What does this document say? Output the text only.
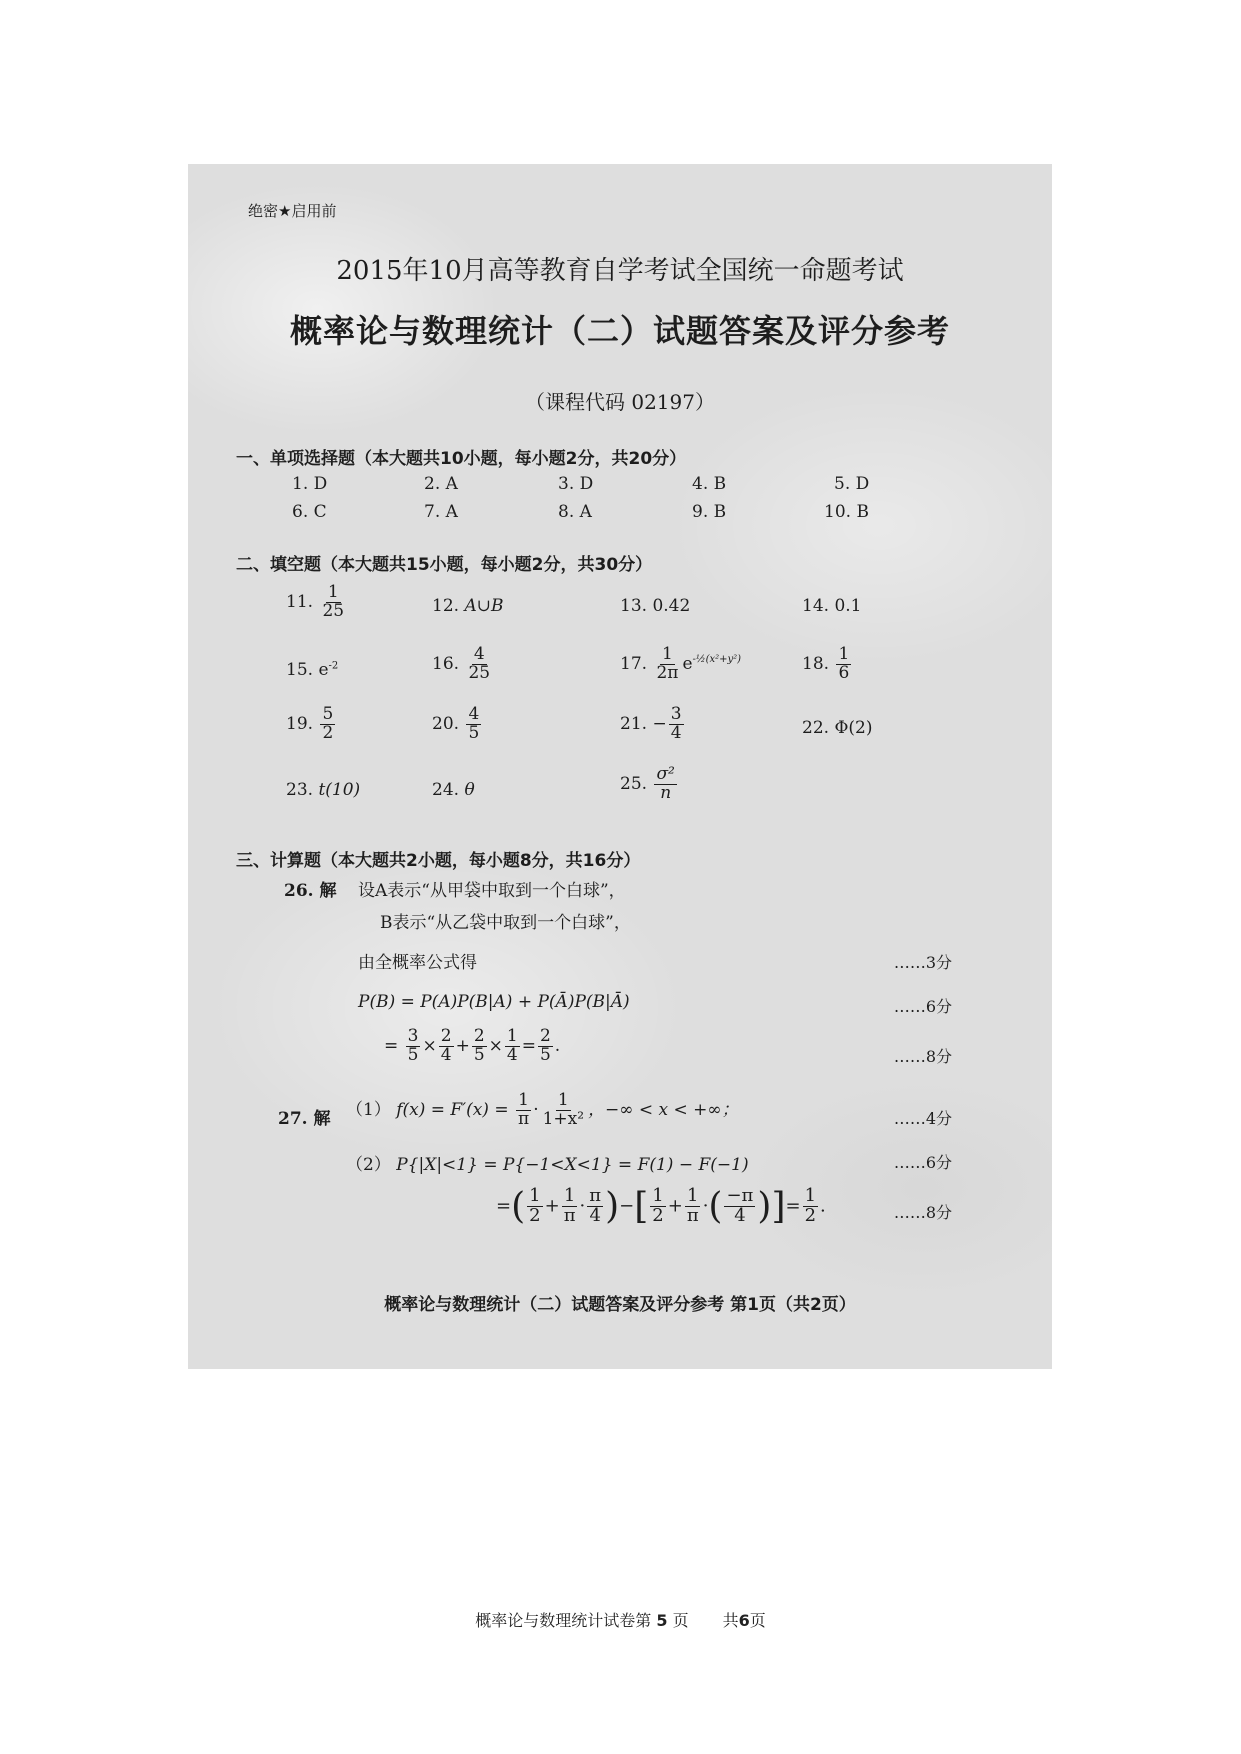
绝密★启用前
2015年10月高等教育自学考试全国统一命题考试
概率论与数理统计（二）试题答案及评分参考
（课程代码 02197）
一、单项选择题（本大题共10小题，每小题2分，共20分）
1. D	2. A	3. D	4. B	5. D
6. C	7. A	8. A	9. B	10. B
二、填空题（本大题共15小题，每小题2分，共30分）
11. $\frac{1}{25}$	12. A∪B	13. 0.42	14. 0.1
15. $e^{-2}$	16. $\frac{4}{25}$	17. $\frac{1}{2\pi} e^{-\frac{1}{2}(x^2+y^2)}$	18. $\frac{1}{6}$
19. $\frac{5}{2}$	20. $\frac{4}{5}$	21. − $\frac{3}{4}$	22. Φ(2)
23. t(10)	24. θ	25. $\frac{\text{σ²}}{n}$
三、计算题（本大题共2小题，每小题8分，共16分）
26. 解 设A表示“从甲袋中取到一个白球”，
B表示“从乙袋中取到一个白球”，
由全概率公式得	……3分
P(B) = P(A)P(B|A) + P(Ā)P(B|Ā)	……6分
= $\frac{3}{5} \times \frac{2}{4} + \frac{2}{5} \times \frac{1}{4} = \frac{2}{5}$ .
……8分
27. 解 （1） $f(x) = F'(x) = \frac{1}{\pi} \cdot \frac{1}{\text{1+x²}}$ ，−∞ < x < +∞；	……4分
（2） P{|X|<1} = P{−1<X<1} = F(1) − F(−1)	……6分
=( $\frac{1}{2} + \frac{1}{\pi} \cdot \frac{\pi}{4}$ )−[ $\frac{1}{2} + \frac{1}{\pi}$ ·( $\frac{-\pi}{4}$ )]= $\frac{1}{2}$ .	……8分
概率论与数理统计（二）试题答案及评分参考 第1页（共2页）
概率论与数理统计试卷第 5 页 共6页
